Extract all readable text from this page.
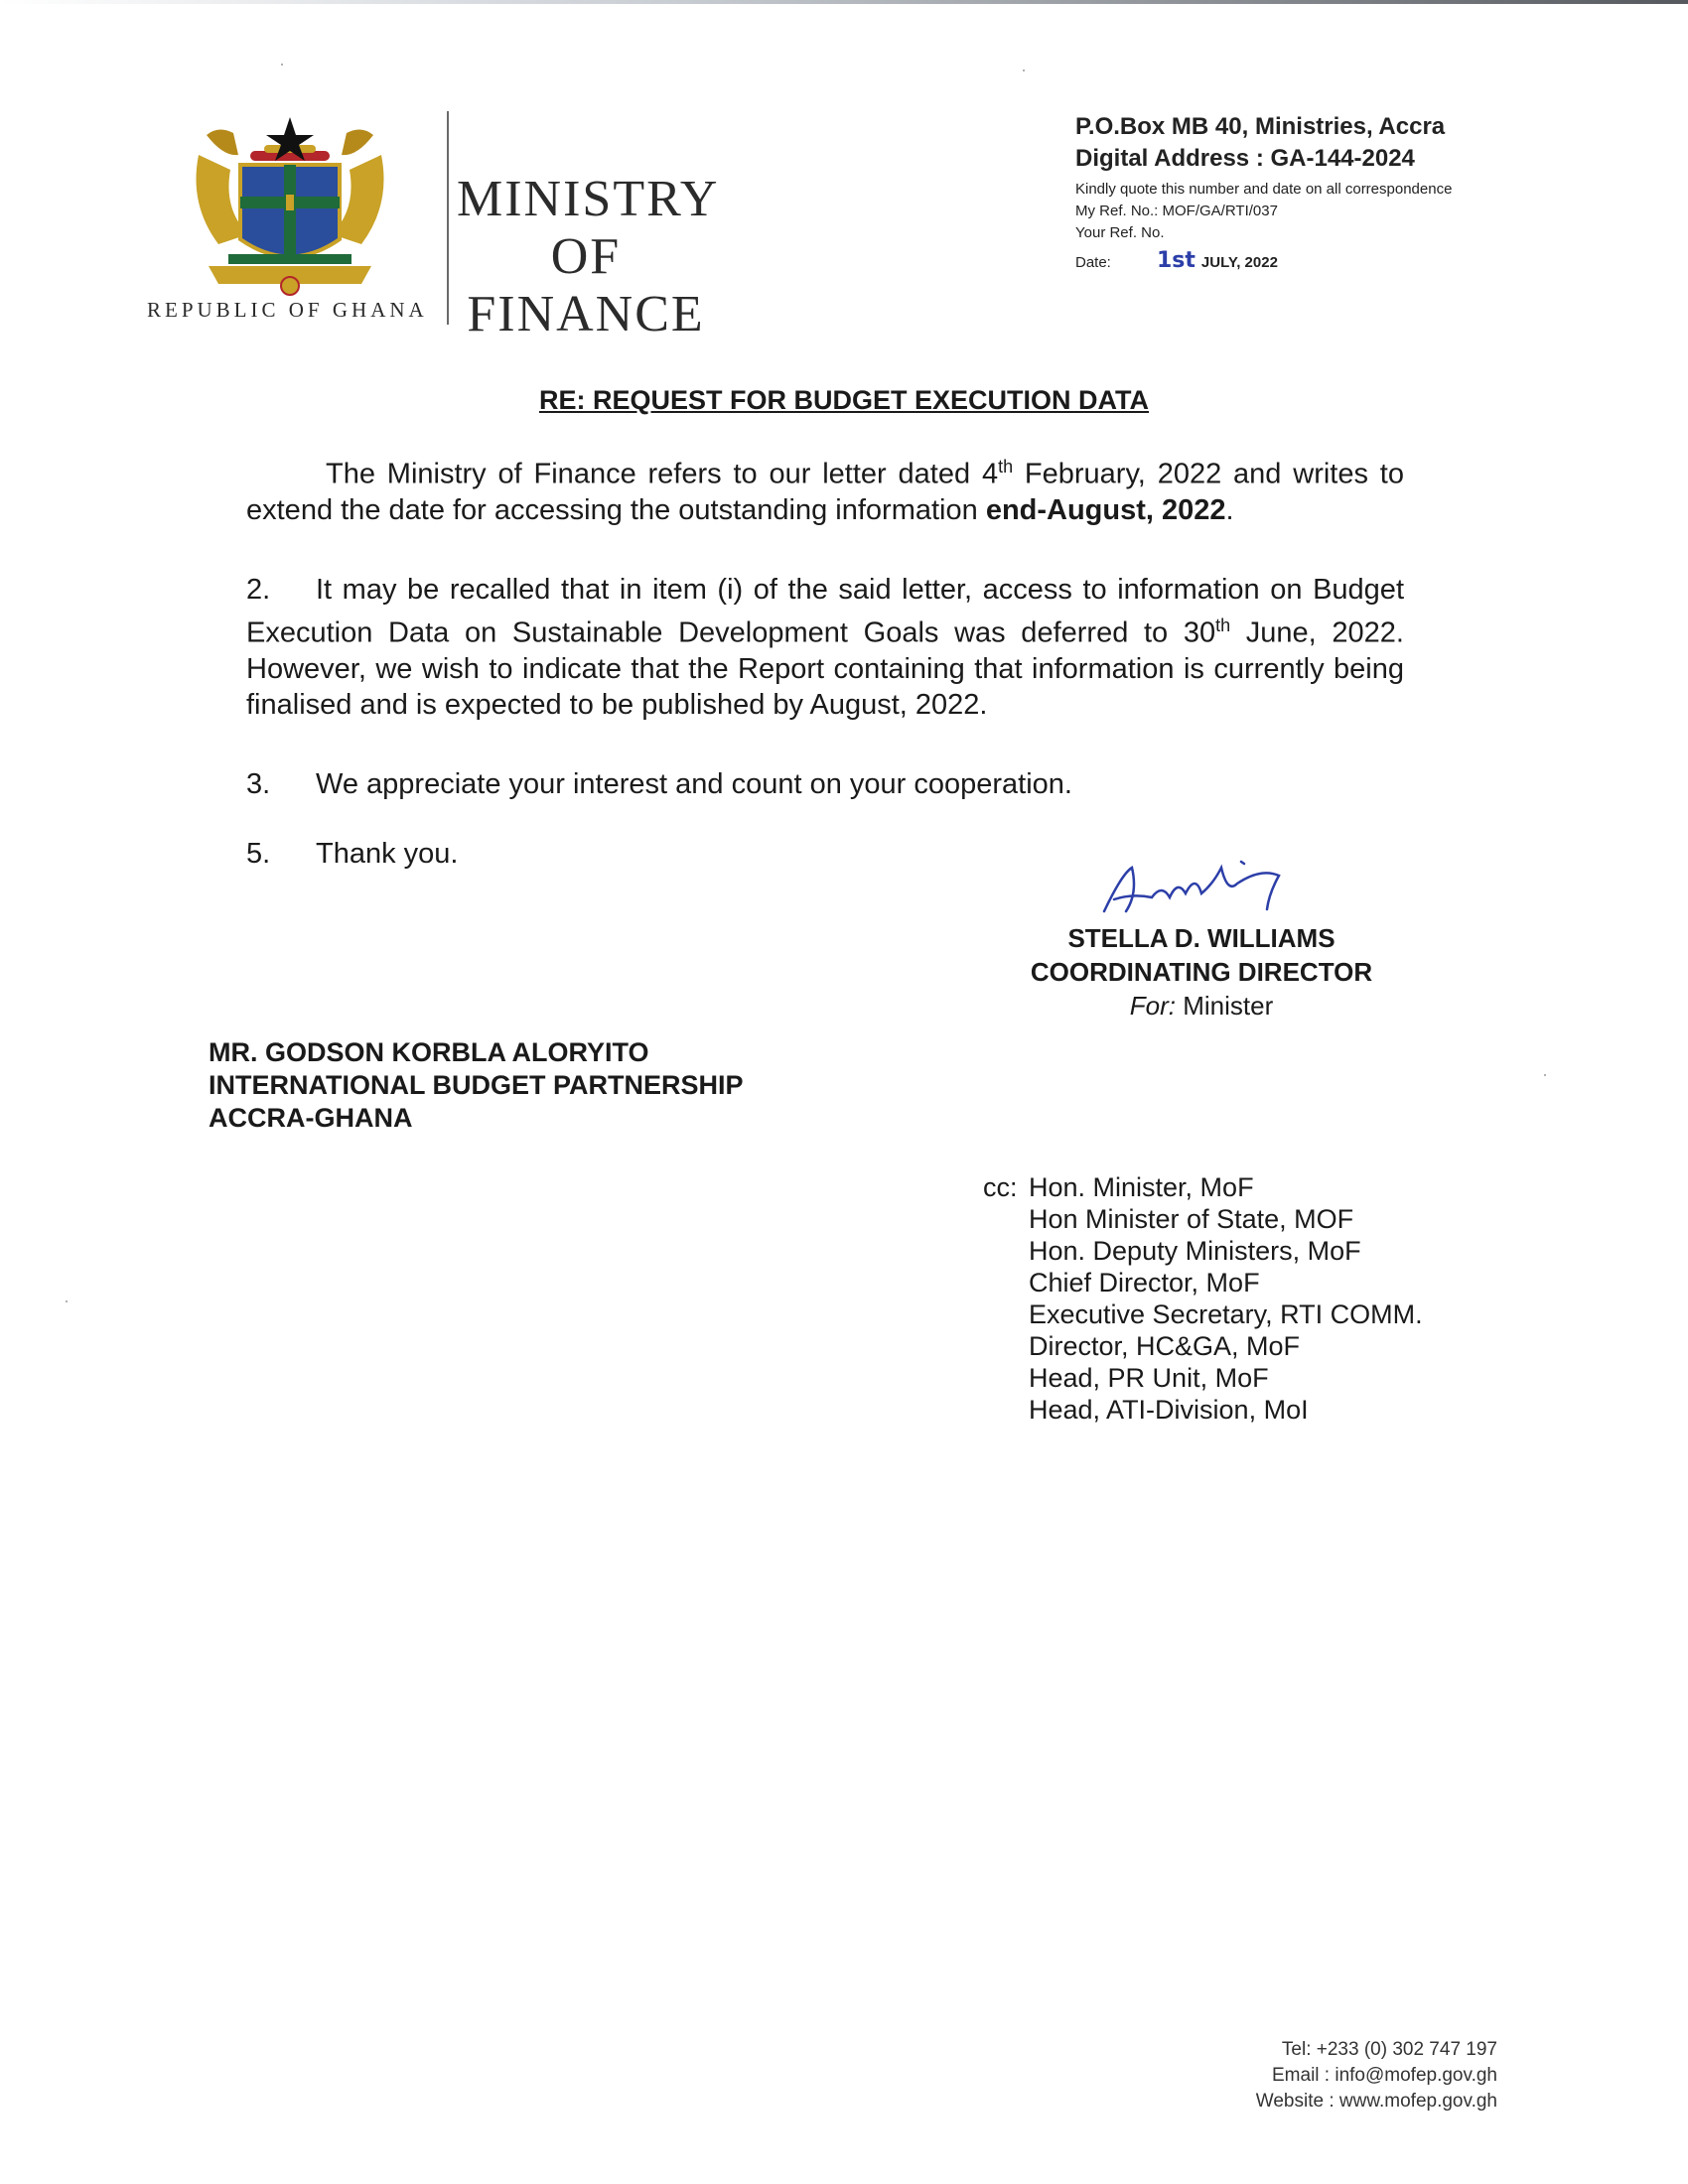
REPUBLIC OF GHANA
MINISTRY
OF
FINANCE
P.O.Box MB 40, Ministries, Accra
Digital Address : GA-144-2024
Kindly quote this number and date on all correspondence
My Ref. No.: MOF/GA/RTI/037
Your Ref. No.
Date:	1st JULY, 2022
RE: REQUEST FOR BUDGET EXECUTION DATA
The Ministry of Finance refers to our letter dated 4th February, 2022 and writes to extend the date for accessing the outstanding information end-August, 2022.
2. It may be recalled that in item (i) of the said letter, access to information on Budget Execution Data on Sustainable Development Goals was deferred to 30th June, 2022. However, we wish to indicate that the Report containing that information is currently being finalised and is expected to be published by August, 2022.
3. We appreciate your interest and count on your cooperation.
5. Thank you.
STELLA D. WILLIAMS
COORDINATING DIRECTOR
For: Minister
MR. GODSON KORBLA ALORYITO
INTERNATIONAL BUDGET PARTNERSHIP
ACCRA-GHANA
cc: Hon. Minister, MoF
Hon Minister of State, MOF
Hon. Deputy Ministers, MoF
Chief Director, MoF
Executive Secretary, RTI COMM.
Director, HC&GA, MoF
Head, PR Unit, MoF
Head, ATI-Division, MoI
Tel: +233 (0) 302 747 197
Email : info@mofep.gov.gh
Website : www.mofep.gov.gh
